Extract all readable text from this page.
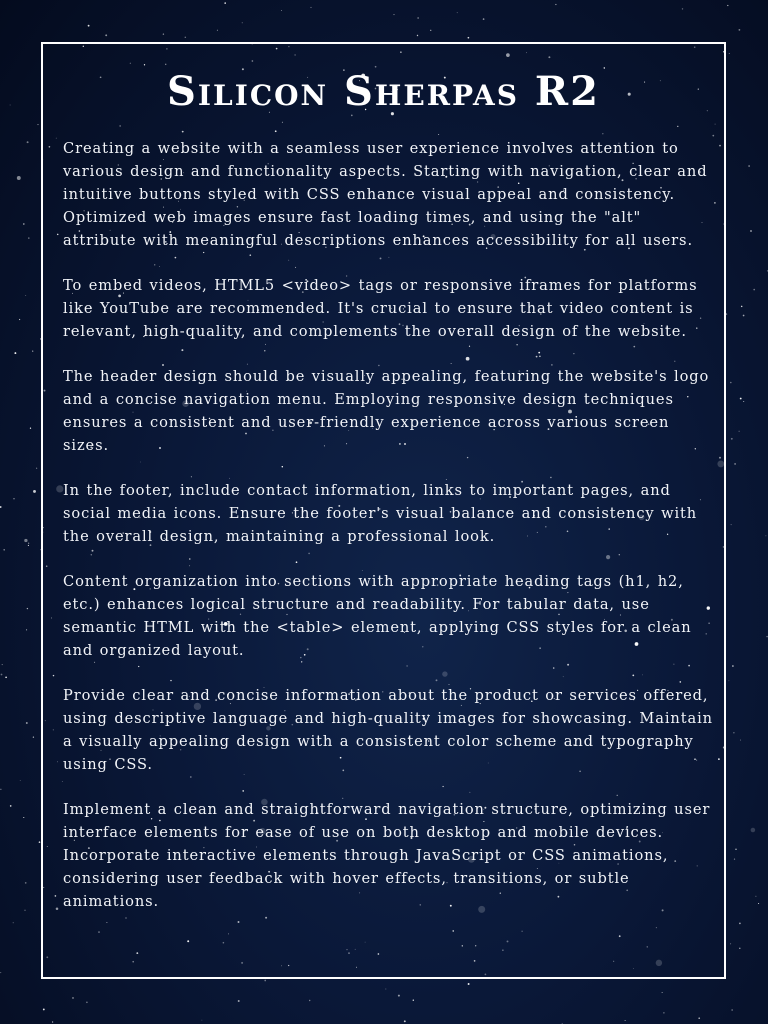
Silicon Sherpas R2

Creating a website with a seamless user experience involves attention to various design and functionality aspects. Starting with navigation, clear and intuitive buttons styled with CSS enhance visual appeal and consistency. Optimized web images ensure fast loading times, and using the "alt" attribute with meaningful descriptions enhances accessibility for all users.

To embed videos, HTML5 <video> tags or responsive iframes for platforms like YouTube are recommended. It's crucial to ensure that video content is relevant, high-quality, and complements the overall design of the website.

The header design should be visually appealing, featuring the website's logo and a concise navigation menu. Employing responsive design techniques ensures a consistent and user-friendly experience across various screen sizes.

In the footer, include contact information, links to important pages, and social media icons. Ensure the footer's visual balance and consistency with the overall design, maintaining a professional look.

Content organization into sections with appropriate heading tags (h1, h2, etc.) enhances logical structure and readability. For tabular data, use semantic HTML with the <table> element, applying CSS styles for a clean and organized layout.

Provide clear and concise information about the product or services offered, using descriptive language and high-quality images for showcasing. Maintain a visually appealing design with a consistent color scheme and typography using CSS.

Implement a clean and straightforward navigation structure, optimizing user interface elements for ease of use on both desktop and mobile devices. Incorporate interactive elements through JavaScript or CSS animations, considering user feedback with hover effects, transitions, or subtle animations.
